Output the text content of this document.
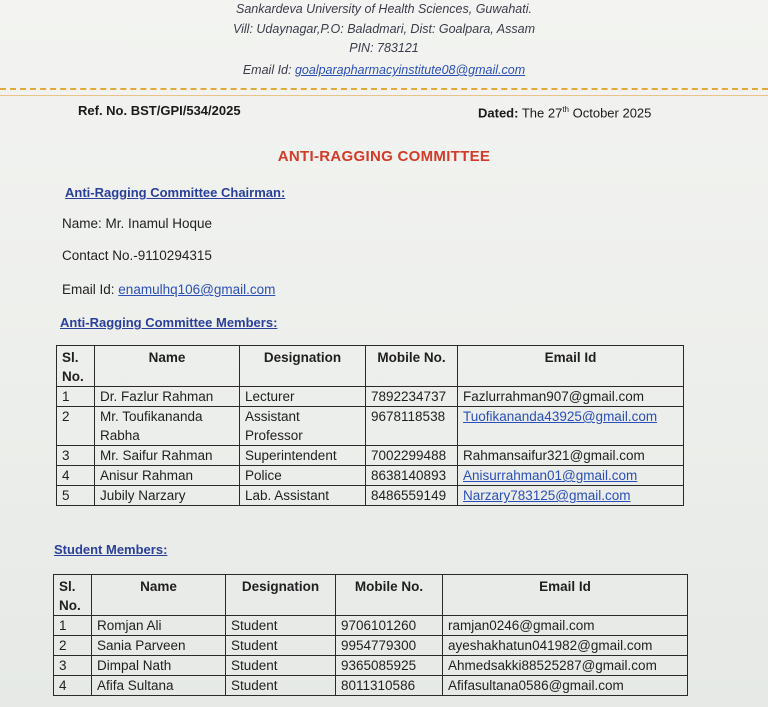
Sankardeva University of Health Sciences, Guwahati.
Vill: Udaynagar,P.O: Baladmari, Dist: Goalpara, Assam
PIN: 783121
Email Id: goalparapharmacyinstitute08@gmail.com
Ref. No. BST/GPI/534/2025	Dated: The 27th October 2025
ANTI-RAGGING COMMITTEE
Anti-Ragging Committee Chairman:
Name: Mr. Inamul Hoque
Contact No.-9110294315
Email Id: enamulhq106@gmail.com
Anti-Ragging Committee Members:
Sl. No.	Name	Designation	Mobile No.	Email Id
1	Dr. Fazlur Rahman	Lecturer	7892234737	Fazlurrahman907@gmail.com
2	Mr. Toufikananda Rabha	Assistant Professor	9678118538	Tuofikananda43925@gmail.com
3	Mr. Saifur Rahman	Superintendent	7002299488	Rahmansaifur321@gmail.com
4	Anisur Rahman	Police	8638140893	Anisurrahman01@gmail.com
5	Jubily Narzary	Lab. Assistant	8486559149	Narzary783125@gmail.com
Student Members:
Sl. No.	Name	Designation	Mobile No.	Email Id
1	Romjan Ali	Student	9706101260	ramjan0246@gmail.com
2	Sania Parveen	Student	9954779300	ayeshakhatun041982@gmail.com
3	Dimpal Nath	Student	9365085925	Ahmedsakki88525287@gmail.com
4	Afifa Sultana	Student	8011310586	Afifasultana0586@gmail.com
